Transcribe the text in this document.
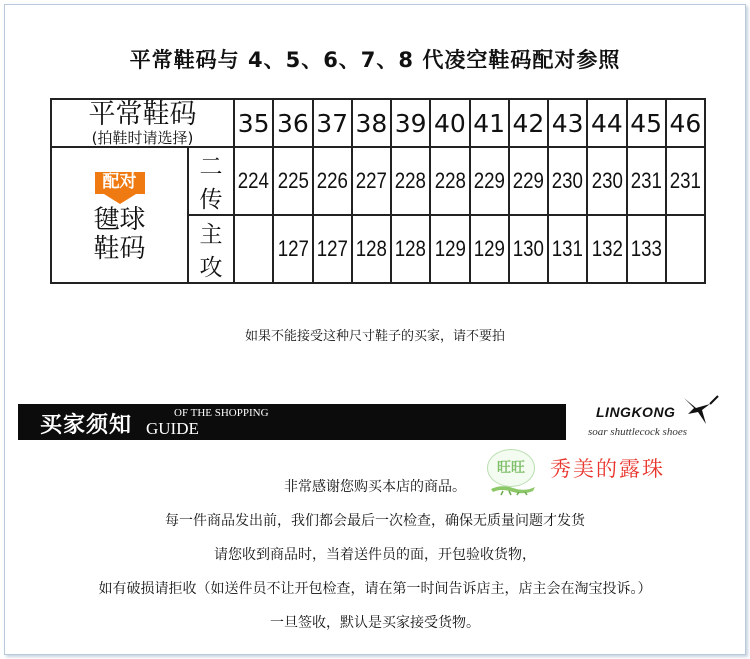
平常鞋码与 4、5、6、7、8 代凌空鞋码配对参照
平常鞋码
(拍鞋时请选择)		35	36	37	38	39	40	41	42	43	44	45	46

配对
毽球
鞋码	二传	224	225	226	227	228	228	229	229	230	230	231	231
	主攻		127	127	128	128	129	129	130	131	132	133	
如果不能接受这种尺寸鞋子的买家，请不要拍
买家须知	OF THE SHOPPING
GUIDE
LINGKONG
soar shuttlecock shoes
旺旺	秀美的露珠
非常感谢您购买本店的商品。
每一件商品发出前，我们都会最后一次检查，确保无质量问题才发货
请您收到商品时，当着送件员的面，开包验收货物，
如有破损请拒收（如送件员不让开包检查，请在第一时间告诉店主，店主会在淘宝投诉。）
一旦签收，默认是买家接受货物。
